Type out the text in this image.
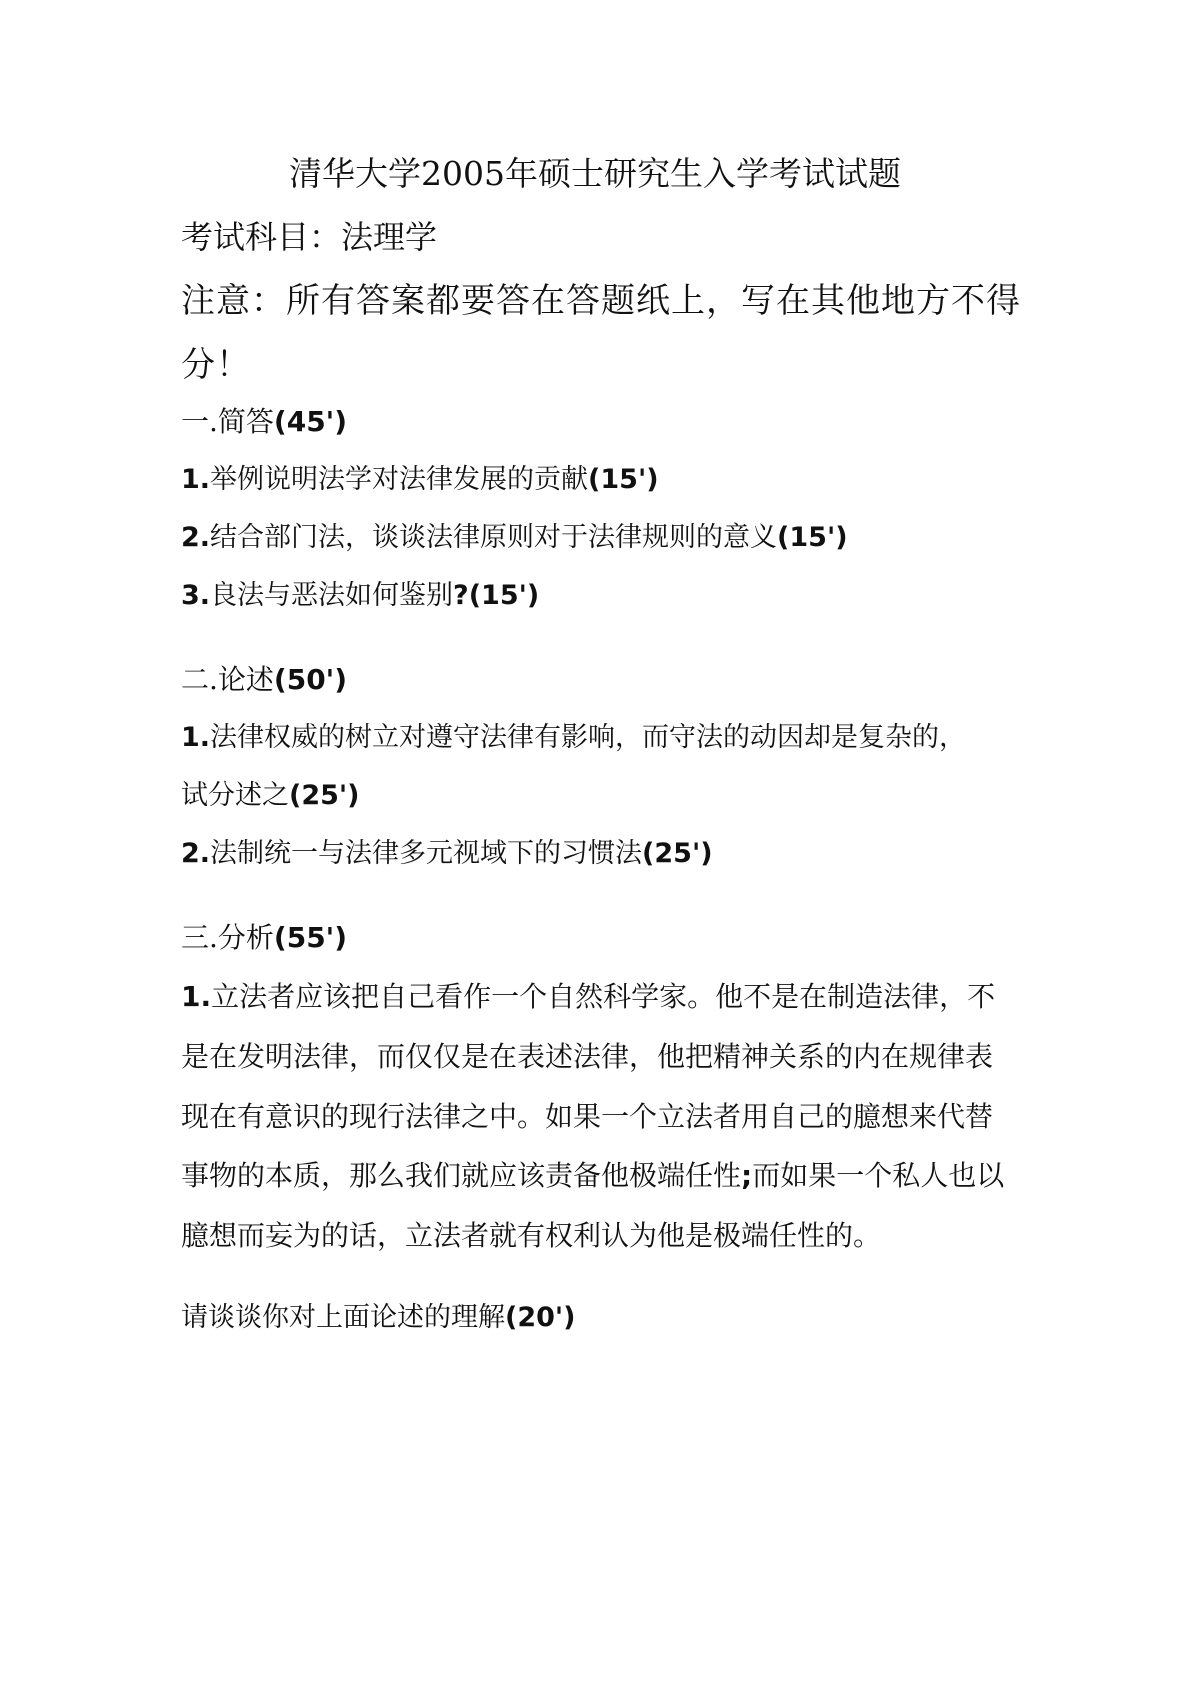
清华大学2005年硕士研究生入学考试试题
考试科目：法理学
注意：所有答案都要答在答题纸上，写在其他地方不得
分！
一.简答(45')
1.举例说明法学对法律发展的贡献(15')
2.结合部门法，谈谈法律原则对于法律规则的意义(15')
3.良法与恶法如何鉴别?(15')
二.论述(50')
1.法律权威的树立对遵守法律有影响，而守法的动因却是复杂的，
试分述之(25')
2.法制统一与法律多元视域下的习惯法(25')
三.分析(55')
1.立法者应该把自己看作一个自然科学家。他不是在制造法律，不
是在发明法律，而仅仅是在表述法律，他把精神关系的内在规律表
现在有意识的现行法律之中。如果一个立法者用自己的臆想来代替
事物的本质，那么我们就应该责备他极端任性;而如果一个私人也以
臆想而妄为的话，立法者就有权利认为他是极端任性的。
请谈谈你对上面论述的理解(20')
